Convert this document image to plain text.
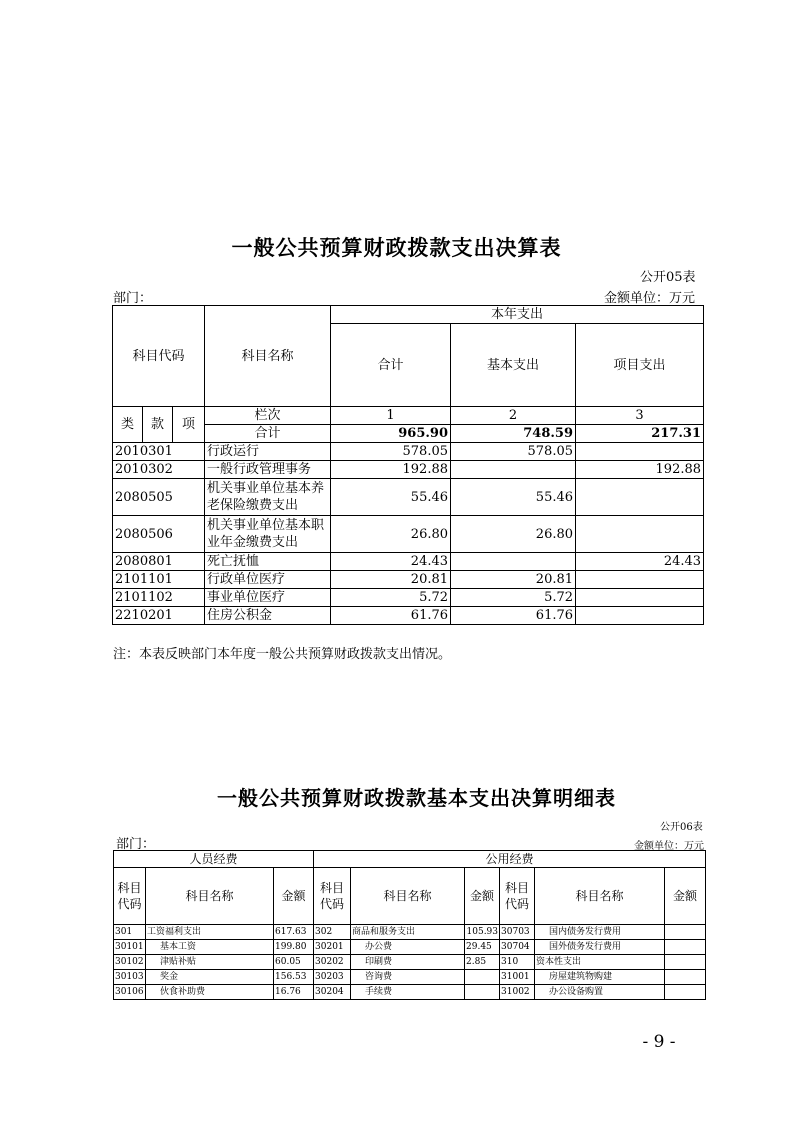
一般公共预算财政拨款支出决算表
公开05表
部门：	金额单位：万元
科目代码			科目名称	本年支出		
				合计	基本支出	项目支出

类	款	项	栏次	1	2	3
			合计	965.90	748.59	217.31
2010301			行政运行	578.05	578.05	
2010302			一般行政管理事务	192.88		192.88
2080505			机关事业单位基本养老保险缴费支出	55.46	55.46	
2080506			机关事业单位基本职业年金缴费支出	26.80	26.80	
2080801			死亡抚恤	24.43		24.43
2101101			行政单位医疗	20.81	20.81	
2101102			事业单位医疗	5.72	5.72	
2210201			住房公积金	61.76	61.76	
注：本表反映部门本年度一般公共预算财政拨款支出情况。
一般公共预算财政拨款基本支出决算明细表
公开06表
部门：	金额单位：万元
人员经费			公用经费					
科目代码	科目名称	金额	科目代码	科目名称	金额	科目代码	科目名称	金额
301	工资福利支出	617.63	302	商品和服务支出	105.93	30703	国内债务发行费用	
30101	基本工资	199.80	30201	办公费	29.45	30704	国外债务发行费用	
30102	津贴补贴	60.05	30202	印刷费	2.85	310	资本性支出	
30103	奖金	156.53	30203	咨询费		31001	房屋建筑物购建	
30106	伙食补助费	16.76	30204	手续费		31002	办公设备购置	
- 9 -
